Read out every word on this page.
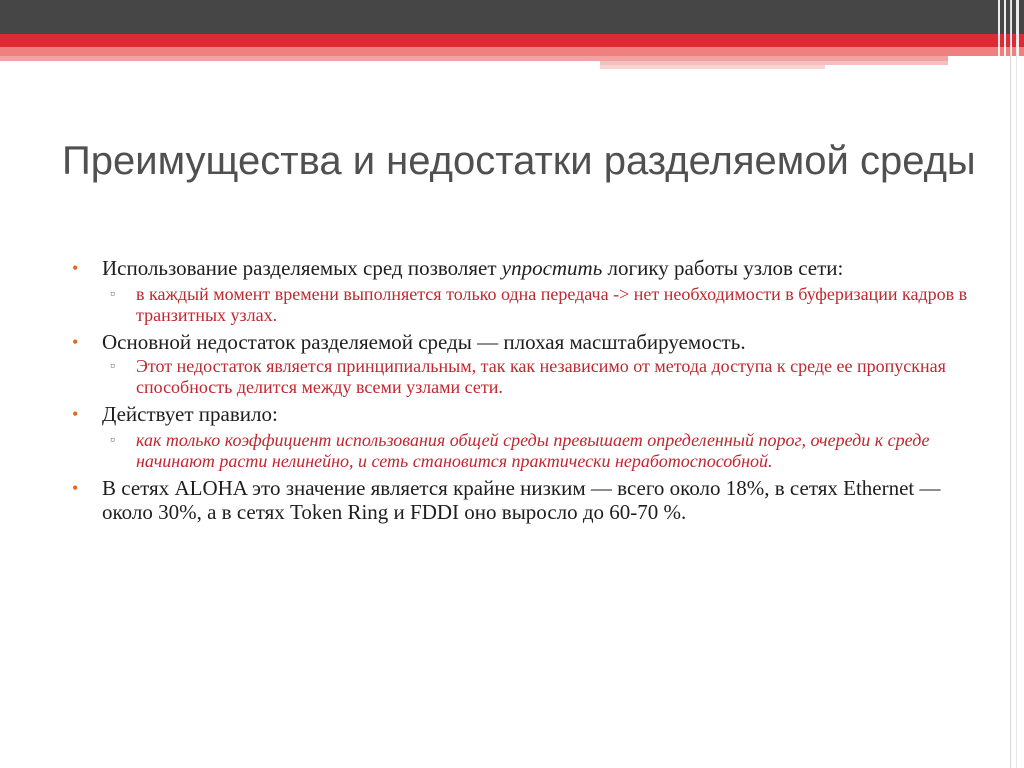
Преимущества и недостатки разделяемой среды
• Использование разделяемых сред позволяет упростить логику работы узлов сети:
▫ в каждый момент времени выполняется только одна передача -> нет необходимости в буферизации кадров в транзитных узлах.
• Основной недостаток разделяемой среды — плохая масштабируемость.
▫ Этот недостаток является принципиальным, так как независимо от метода доступа к среде ее пропускная способность делится между всеми узлами сети.
• Действует правило:
▫ как только коэффициент использования общей среды превышает определенный порог, очереди к среде начинают расти нелинейно, и сеть становится практически неработоспособной.
• В сетях ALOHA это значение является крайне низким — всего около 18%, в сетях Ethernet — около 30%, а в сетях Token Ring и FDDI оно выросло до 60-70 %.
